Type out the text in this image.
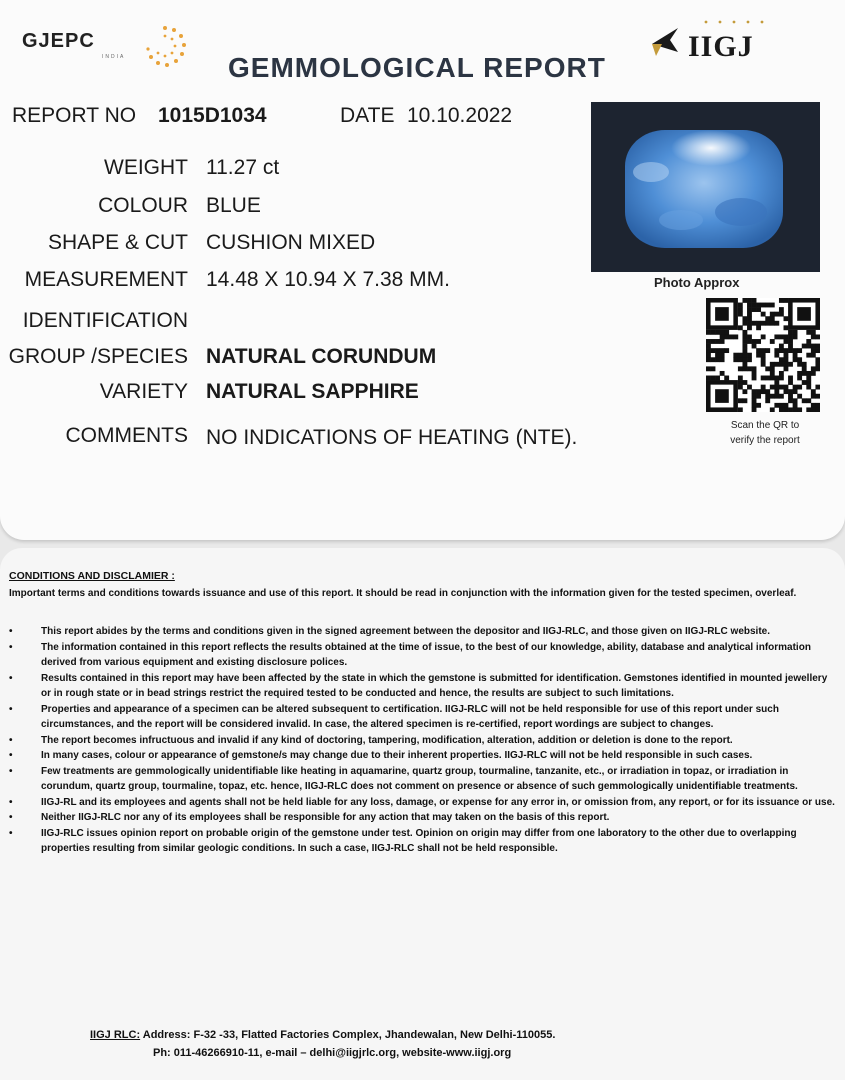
GJEPC
INDIA	IIGJ
GEMMOLOGICAL REPORT
REPORT NO 1015D1034	DATE 10.10.2022
WEIGHT 11.27 ct
COLOUR BLUE
SHAPE & CUT CUSHION MIXED
MEASUREMENT 14.48 X 10.94 X 7.38 MM.
IDENTIFICATION
GROUP /SPECIES NATURAL CORUNDUM
VARIETY NATURAL SAPPHIRE
COMMENTS NO INDICATIONS OF HEATING (NTE).
Photo Approx
Scan the QR to
verify the report
CONDITIONS AND DISCLAMIER :
Important terms and conditions towards issuance and use of this report. It should be read in conjunction with the information given for the tested specimen, overleaf.
• This report abides by the terms and conditions given in the signed agreement between the depositor and IIGJ-RLC, and those given on IIGJ-RLC website.
• The information contained in this report reflects the results obtained at the time of issue, to the best of our knowledge, ability, database and analytical information derived from various equipment and existing disclosure polices.
• Results contained in this report may have been affected by the state in which the gemstone is submitted for identification. Gemstones identified in mounted jewellery or in rough state or in bead strings restrict the required tested to be conducted and hence, the results are subject to such limitations.
• Properties and appearance of a specimen can be altered subsequent to certification. IIGJ-RLC will not be held responsible for use of this report under such circumstances, and the report will be considered invalid. In case, the altered specimen is re-certified, report wordings are subject to changes.
• The report becomes infructuous and invalid if any kind of doctoring, tampering, modification, alteration, addition or deletion is done to the report.
• In many cases, colour or appearance of gemstone/s may change due to their inherent properties. IIGJ-RLC will not be held responsible in such cases.
• Few treatments are gemmologically unidentifiable like heating in aquamarine, quartz group, tourmaline, tanzanite, etc., or irradiation in topaz, or irradiation in corundum, quartz group, tourmaline, topaz, etc. hence, IIGJ-RLC does not comment on presence or absence of such gemmologically unidentifiable treatments.
• IIGJ-RL and its employees and agents shall not be held liable for any loss, damage, or expense for any error in, or omission from, any report, or for its issuance or use.
• Neither IIGJ-RLC nor any of its employees shall be responsible for any action that may taken on the basis of this report.
• IIGJ-RLC issues opinion report on probable origin of the gemstone under test. Opinion on origin may differ from one laboratory to the other due to overlapping properties resulting from similar geologic conditions. In such a case, IIGJ-RLC shall not be held responsible.
IIGJ RLC: Address: F-32 -33, Flatted Factories Complex, Jhandewalan, New Delhi-110055.
Ph: 011-46266910-11, e-mail – delhi@iigjrlc.org, website-www.iigj.org
